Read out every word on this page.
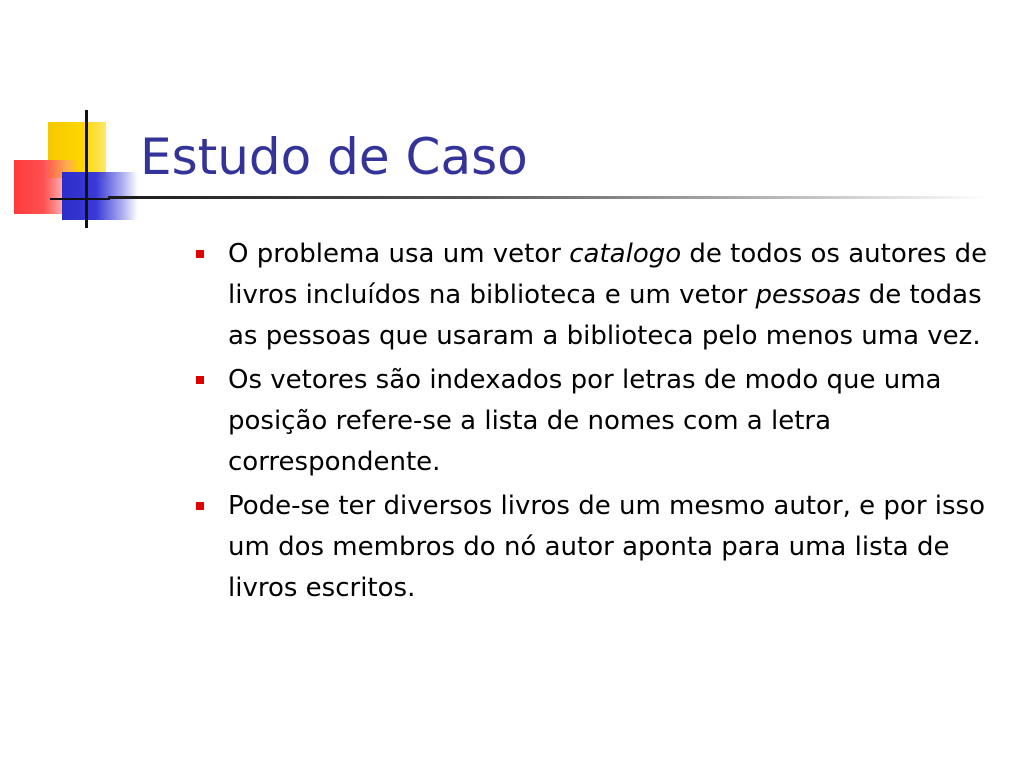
Estudo de Caso
O problema usa um vetor catalogo de todos os autores de livros incluídos na biblioteca e um vetor pessoas de todas as pessoas que usaram a biblioteca pelo menos uma vez.
Os vetores são indexados por letras de modo que uma posição refere-se a lista de nomes com a letra correspondente.
Pode-se ter diversos livros de um mesmo autor, e por isso um dos membros do nó autor aponta para uma lista de livros escritos.
